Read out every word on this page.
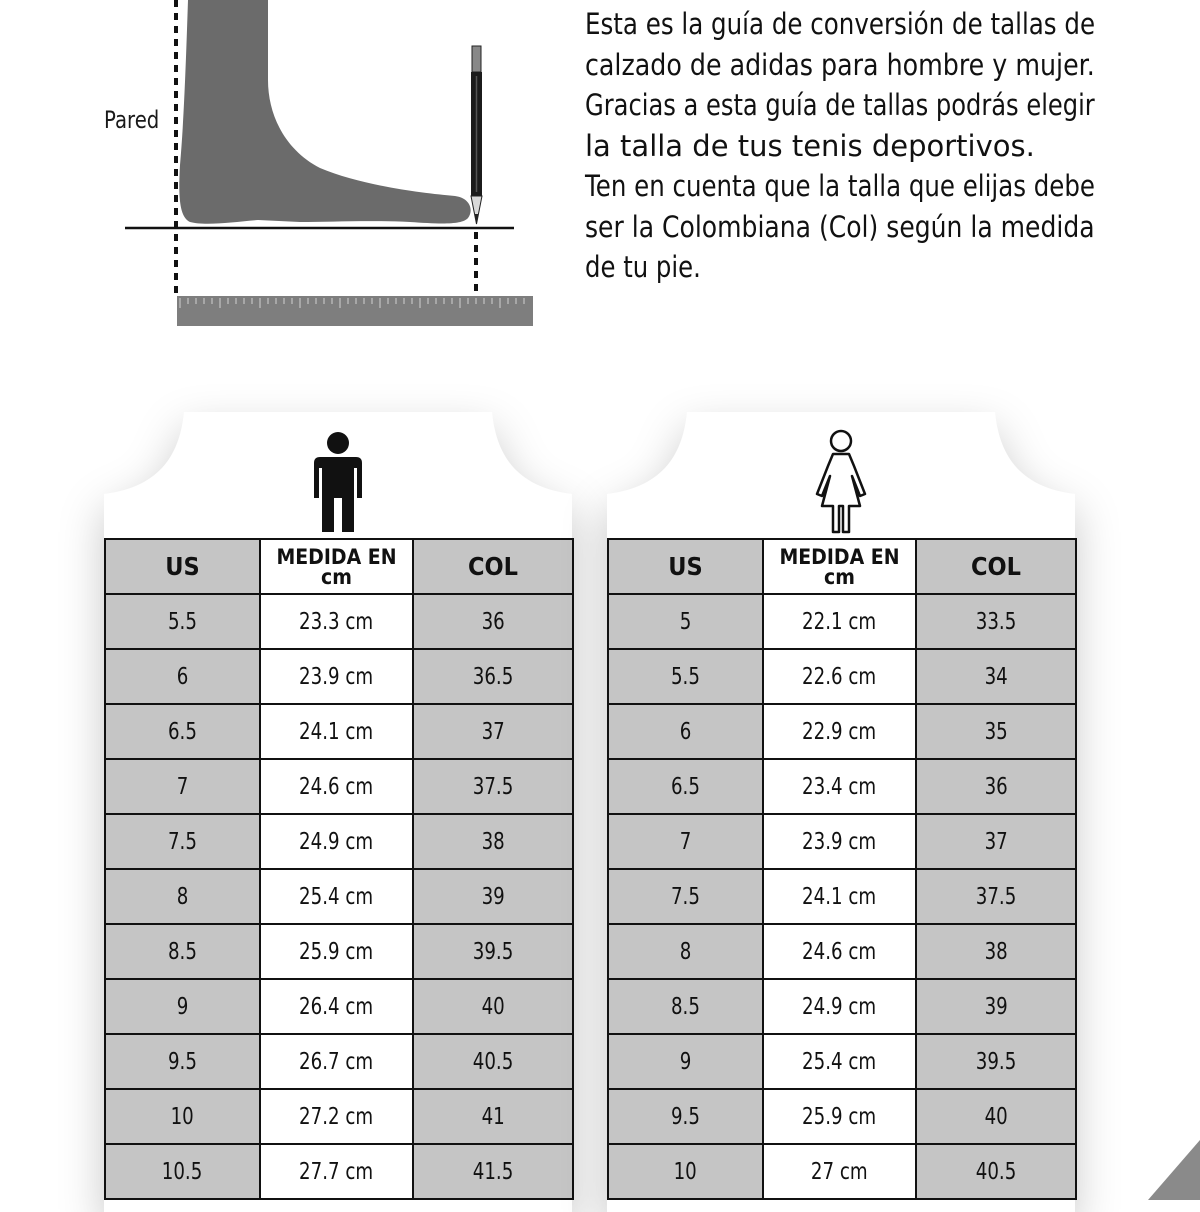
Pared
Esta es la guía de conversión de tallas de
calzado de adidas para hombre y mujer.
Gracias a esta guía de tallas podrás elegir
la talla de tus tenis deportivos.
Ten en cuenta que la talla que elijas debe
ser la Colombiana (Col) según la medida
de tu pie.
US	MEDIDA EN cm	COL
5.5	23.3 cm	36
6	23.9 cm	36.5
6.5	24.1 cm	37
7	24.6 cm	37.5
7.5	24.9 cm	38
8	25.4 cm	39
8.5	25.9 cm	39.5
9	26.4 cm	40
9.5	26.7 cm	40.5
10	27.2 cm	41
10.5	27.7 cm	41.5
US	MEDIDA EN cm	COL
5	22.1 cm	33.5
5.5	22.6 cm	34
6	22.9 cm	35
6.5	23.4 cm	36
7	23.9 cm	37
7.5	24.1 cm	37.5
8	24.6 cm	38
8.5	24.9 cm	39
9	25.4 cm	39.5
9.5	25.9 cm	40
10	27 cm	40.5
